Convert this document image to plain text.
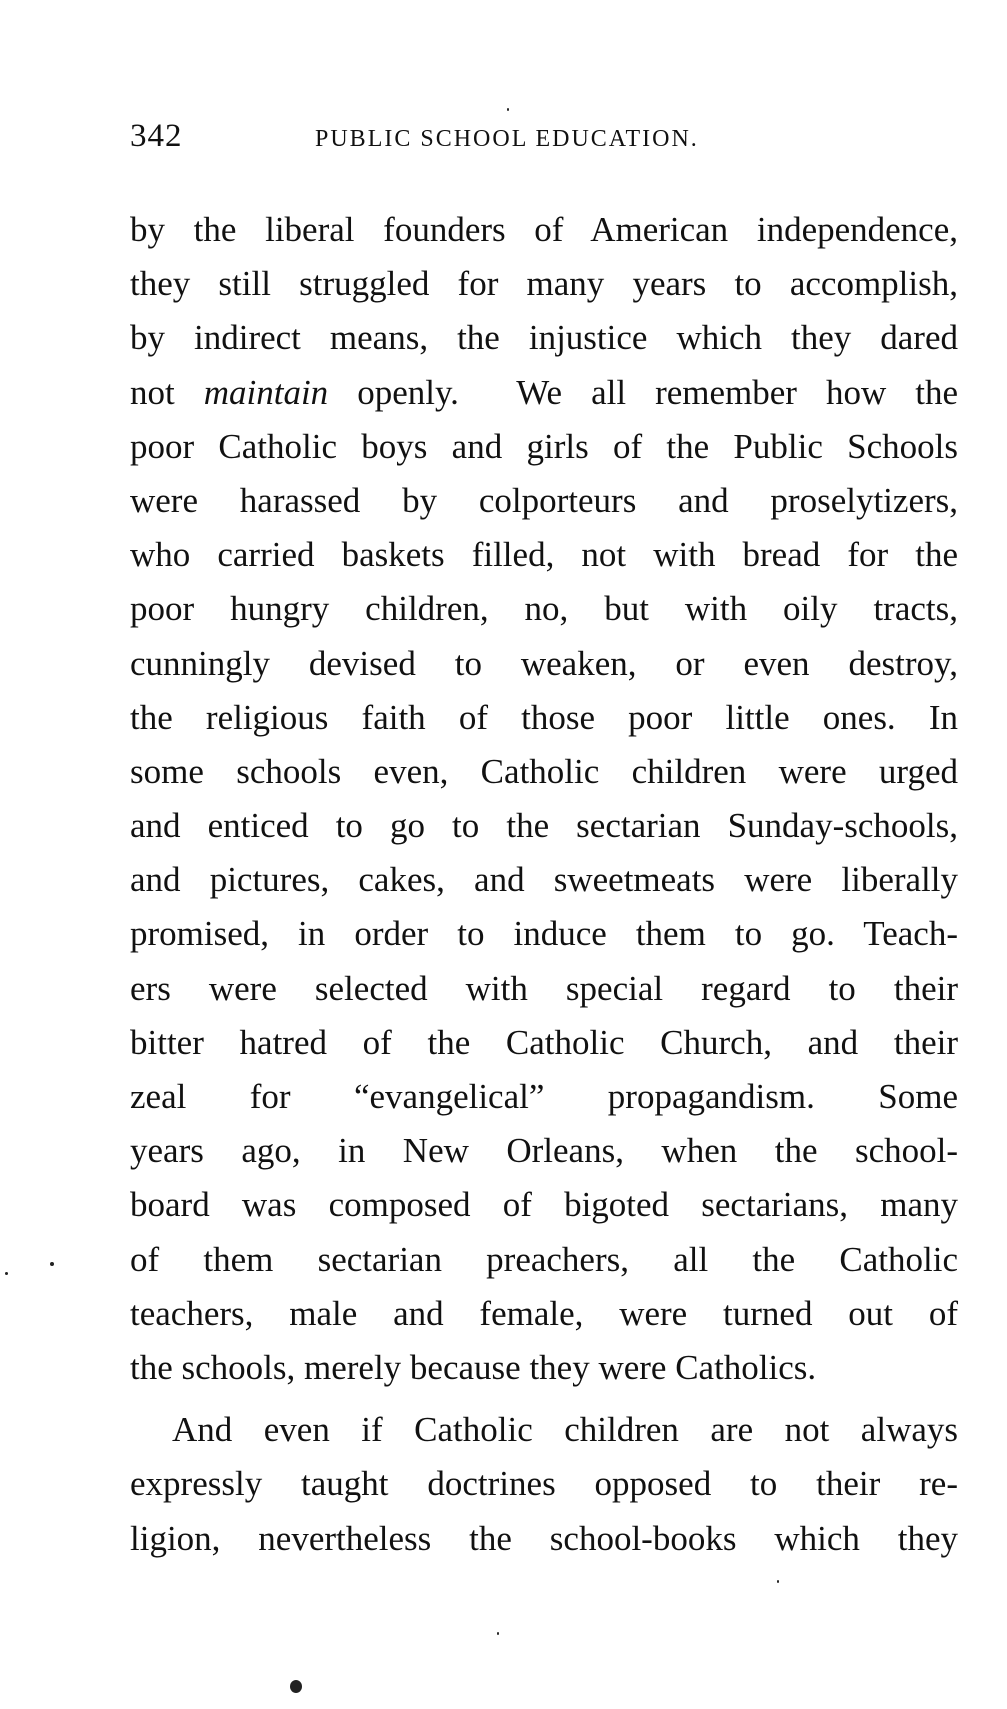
342	PUBLIC SCHOOL EDUCATION.
by the liberal founders of American independence,
they still struggled for many years to accomplish,
by indirect means, the injustice which they dared
not maintain openly.  We all remember how the
poor Catholic boys and girls of the Public Schools
were harassed by colporteurs and proselytizers,
who carried baskets filled, not with bread for the
poor hungry children, no, but with oily tracts,
cunningly devised to weaken, or even destroy,
the religious faith of those poor little ones. In
some schools even, Catholic children were urged
and enticed to go to the sectarian Sunday-schools,
and pictures, cakes, and sweetmeats were liberally
promised, in order to induce them to go. Teach-
ers were selected with special regard to their
bitter hatred of the Catholic Church, and their
zeal for “evangelical” propagandism. Some
years ago, in New Orleans, when the school-
board was composed of bigoted sectarians, many
of them sectarian preachers, all the Catholic
teachers, male and female, were turned out of
the schools, merely because they were Catholics.
And even if Catholic children are not always
expressly taught doctrines opposed to their re-
ligion, nevertheless the school-books which they
